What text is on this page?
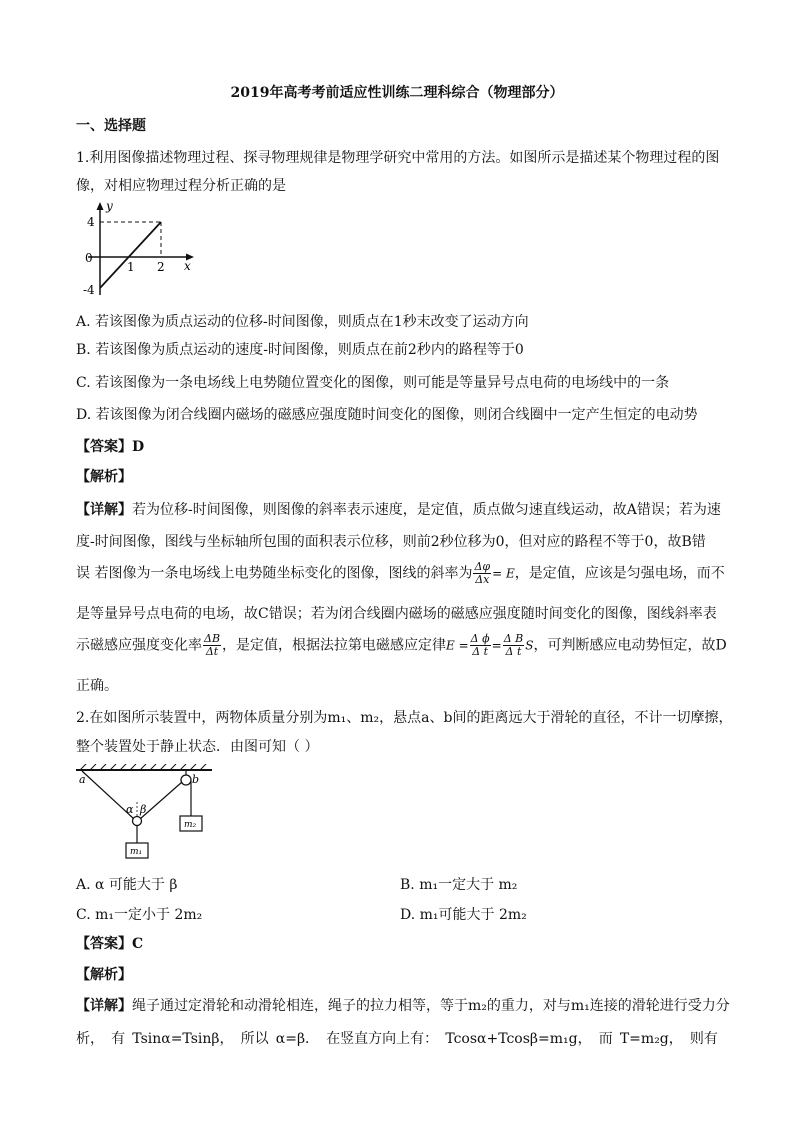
2019年高考考前适应性训练二理科综合（物理部分）
一、选择题
1.利用图像描述物理过程、探寻物理规律是物理学研究中常用的方法。如图所示是描述某个物理过程的图
像，对相应物理过程分析正确的是
y
x
4
0
-4
1 2
A. 若该图像为质点运动的位移-时间图像，则质点在1秒末改变了运动方向
B. 若该图像为质点运动的速度-时间图像，则质点在前2秒内的路程等于0
C. 若该图像为一条电场线上电势随位置变化的图像，则可能是等量异号点电荷的电场线中的一条
D. 若该图像为闭合线圈内磁场的磁感应强度随时间变化的图像，则闭合线圈中一定产生恒定的电动势
【答案】D
【解析】
【详解】若为位移-时间图像，则图像的斜率表示速度，是定值，质点做匀速直线运动，故A错误；若为速
度-时间图像，图线与坐标轴所包围的面积表示位移，则前2秒位移为0，但对应的路程不等于0，故B错
误 若图像为一条电场线上电势随坐标变化的图像，图线的斜率为 $\frac{\Delta\varphi}{\Delta x} = E$，是定值，应该是匀强电场，而不
是等量异号点电荷的电场，故C错误；若为闭合线圈内磁场的磁感应强度随时间变化的图像，图线斜率表
示磁感应强度变化率 $\frac{\Delta B}{\Delta t}$ ，是定值，根据法拉第电磁感应定律$E = \frac{\text{Δ ϕ}}{\text{Δ t}} = \frac{\text{Δ B}}{\text{Δ t}}$ S，可判断感应电动势恒定，故D
正确。
2.在如图所示装置中，两物体质量分别为m₁、m₂，悬点a、b间的距离远大于滑轮的直径，不计一切摩擦，
整个装置处于静止状态．由图可知（ ）
a	b
α β
m₁
m₂
A. α 可能大于 β	B. m₁一定大于 m₂
C. m₁一定小于 2m₂	D. m₁可能大于 2m₂
【答案】C
【解析】
【详解】绳子通过定滑轮和动滑轮相连，绳子的拉力相等，等于m₂的重力，对与m₁连接的滑轮进行受力分
析， 有 Tsinα=Tsinβ， 所以 α=β． 在竖直方向上有： Tcosα+Tcosβ=m₁g， 而 T=m₂g， 则有
